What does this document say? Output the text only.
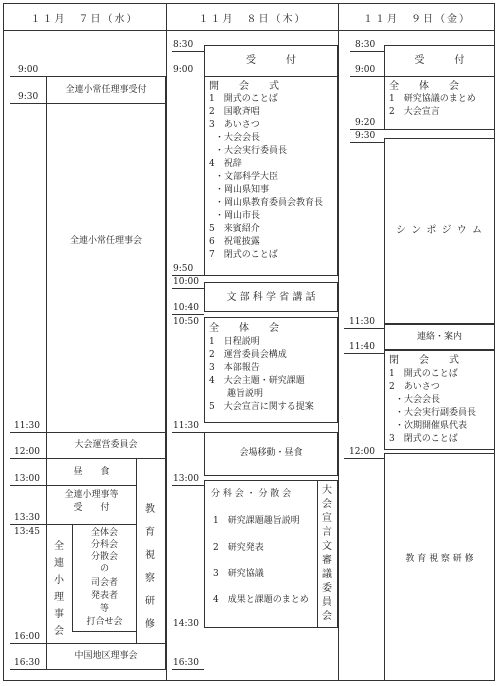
１１月　７日（水）	１１月　８日（木）	１１月　９日（金）
9:00
9:30
11:30
12:00
13:00
13:30
13:45
16:00
16:30
全連小常任理事受付
全連小常任理事会
大会運営委員会
昼　　食
全連小理事等
受　　付
全連小理事会
全体会
分科会
分散会
の
司会者
発表者
等
打合せ会
教育視察研修
中国地区理事会
8:30
9:00
9:50
10:00
10:40
10:50
11:30
13:00
14:30
16:30
受　　　付
開　　会　　式
1　開式のことば
2　国歌斉唱
3　あいさつ
・大会会長
・大会実行委員長
4　祝辞
・文部科学大臣
・岡山県知事
・岡山県教育委員会教育長
・岡山市長
5　来賓紹介
6　祝電披露
7　閉式のことば
文 部 科 学 省 講 話
全　　体　　会
1　日程説明
2　運営委員会構成
3　本部報告
4　大会主題・研究課題
　　趣旨説明
5　大会宣言に関する提案
会場移動・昼食
分 科 会 ・ 分 散 会
1　研究課題趣旨説明
2　研究発表
3　研究協議
4　成果と課題のまとめ
大会宣言文審議委員会
8:30
9:00
9:20
9:30
11:30
11:40
12:00
受　　　付
全　　体　　会
1　研究協議のまとめ
2　大会宣言
シ ン ポ ジ ウ ム
連絡・案内
閉　　会　　式
1　開式のことば
2　あいさつ
・大会会長
・大会実行副委員長
・次期開催県代表
3　閉式のことば
教 育 視 察 研 修
